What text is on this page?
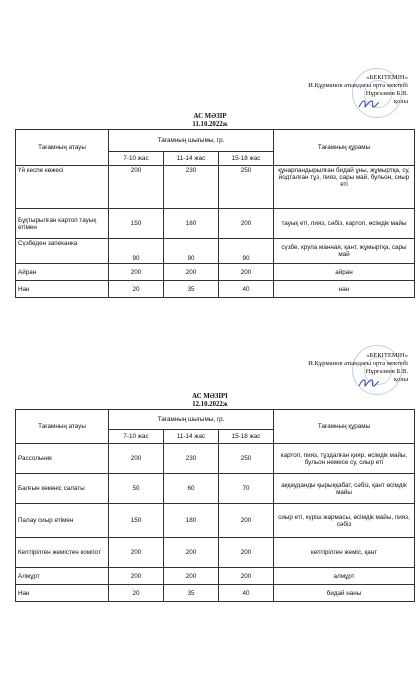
«БЕКІТЕМІН»
И.Құрманов атындағы орта мектебі
Нұрғазиев Б.В.
қолы
АС МӘЗІР
11.10.2022ж
Тағамның атауы	Тағамның шығымы, гр.			Тағамның құрамы
	7-10 жас	11-14 жас	15-18 жас	
Үй кеспе көжесі	200	230	250	құнарландырылған бидай ұны, жұмыртқа, су, йодталған тұз, пияз, сары май, бульон, сиыр еті
Бұқтырылған картоп тауық етімен	150	180	200	тауық еті, пияз, сәбіз, картоп, өсімдік майы
Сүзбеден запеканка	90	90	90	сүзбе, крупа манная, қант, жұмыртқа, сары май
Айран	200	200	200	айран
Нан	20	35	40	нан
«БЕКІТЕМІН»
И.Құрманов атындағы орта мектебі
Нұрғазиев Б.В.
қолы
АС МӘЗІРІ
12.10.2022ж
Тағамның атауы	Тағамның шығымы, гр.			Тағамның құрамы
	7-10 жас	11-14 жас	15-18 жас	
Рассольник	200	230	250	картоп, пияз, тұздалған қияр, өсімдік майы, бульон немесе су, сиыр еті
Балғын көкөніс салаты	50	60	70	аққауданды қырыққабат, сәбіз, қант өсімдік майы
Палау сиыр етімен	150	180	200	сиыр еті, күріш жармасы, өсімдік майы, пияз, сәбіз
Кептірілген жемістен компот	200	200	200	кептірілген жеміс, қант
Алмұрт	200	200	200	алмұрт
Нан	20	35	40	бидай наны
